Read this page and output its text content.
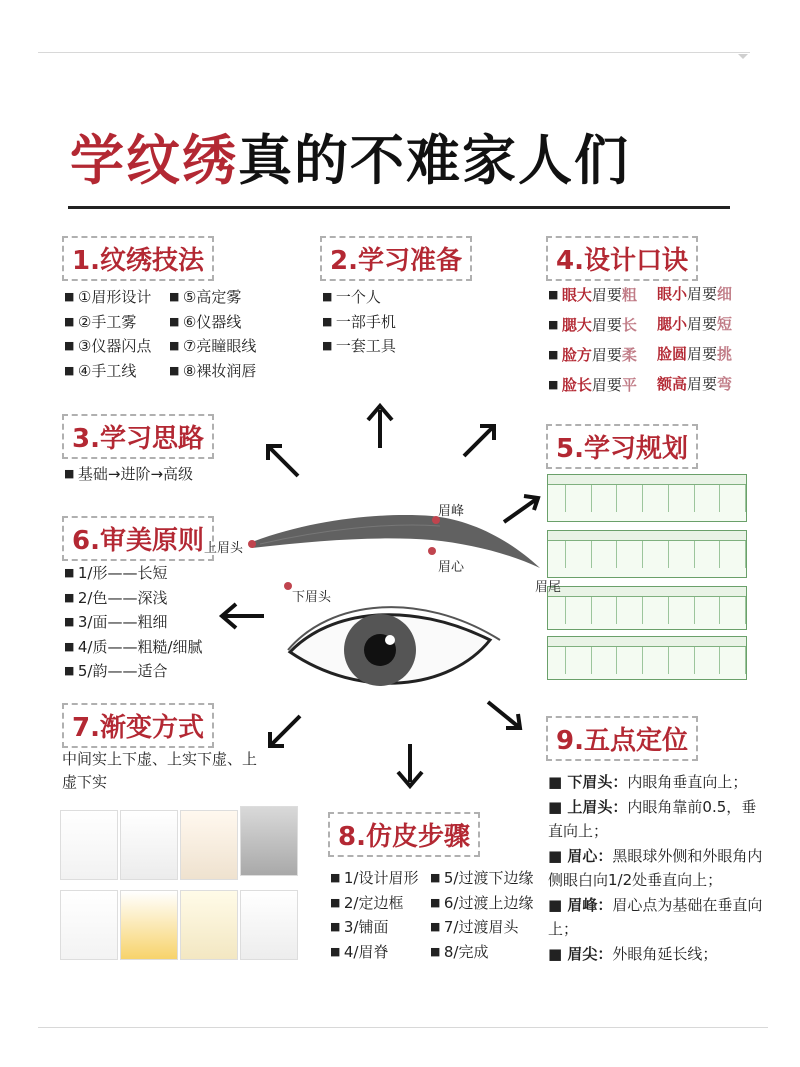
学纹绣真的不难家人们
1.纹绣技法
■ ①眉形设计	■ ⑤高定雾
■ ②手工雾	■ ⑥仪器线
■ ③仪器闪点	■ ⑦亮瞳眼线
■ ④手工线	■ ⑧裸妆润唇
2.学习准备
■ 一个人
■ 一部手机
■ 一套工具
4.设计口诀
■ 眼大眉要粗 眼小眉要细
■ 腮大眉要长 腮小眉要短
■ 脸方眉要柔 脸圆眉要挑
■ 脸长眉要平 额高眉要弯
3.学习思路
■ 基础→进阶→高级
5.学习规划
6.审美原则
■ 1/形——长短
■ 2/色——深浅
■ 3/面——粗细
■ 4/质——粗糙/细腻
■ 5/韵——适合
7.渐变方式
中间实上下虚、上实下虚、上虚下实
8.仿皮步骤
■ 1/设计眉形	■ 5/过渡下边缘
■ 2/定边框	■ 6/过渡上边缘
■ 3/铺面	■ 7/过渡眉头
■ 4/眉脊	■ 8/完成
9.五点定位
■ 下眉头：内眼角垂直向上；
■ 上眉头：内眼角靠前0.5，垂直向上；
■ 眉心：黑眼球外侧和外眼角内侧眼白向1/2处垂直向上；
■ 眉峰：眉心点为基础在垂直向上；
■ 眉尖：外眼角延长线；
眉峰
上眉头
眉心
下眉头
眉尾
